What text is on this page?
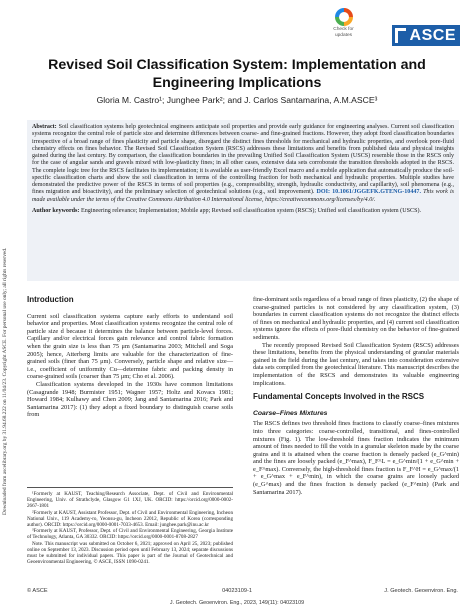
Downloaded from ascelibrary.org by 31.94.68.222 on 11/04/23. Copyright ASCE. For personal use only; all rights reserved.
Check for
updates	ASCE
Revised Soil Classification System: Implementation and Engineering Implications

Gloria M. Castro¹; Junghee Park²; and J. Carlos Santamarina, A.M.ASCE³

Abstract: Soil classification systems help geotechnical engineers anticipate soil properties and provide early guidance for engineering analyses. Current soil classification systems recognize the central role of particle size and determine differences between coarse- and fine-grained fractions. However, they adopt fixed classification boundaries irrespective of a broad range of fines plasticity and particle shape, disregard the distinct fines thresholds for mechanical and hydraulic properties, and overlook pore-fluid chemistry effects on fines behavior. The Revised Soil Classification System (RSCS) addresses these limitations and benefits from published data and physical insights gained during the last century. By comparison, the classification boundaries in the prevailing Unified Soil Classification System (USCS) resemble those in the RSCS only for the case of angular sands and gravels mixed with low-plasticity fines; in all other cases, extensive data sets corroborate the transition thresholds adopted in the RSCS. The complete logic tree for the RSCS facilitates its implementation; it is available as user-friendly Excel macro and a mobile application that automatically produce the soil-specific classification charts and show the soil classification in terms of the controlling fraction for both mechanical and hydraulic properties. Multiple studies have demonstrated the predictive power of the RSCS in terms of soil properties (e.g., compressibility, strength, hydraulic conductivity, and capillarity), soil phenomena (e.g., fines migration and bioactivity), and the preliminary selection of geotechnical solutions (e.g., soil improvement). DOI: 10.1061/JGGEFK.GTENG-10447. This work is made available under the terms of the Creative Commons Attribution 4.0 International license, https://creativecommons.org/licenses/by/4.0/.

Author keywords: Engineering relevance; Implementation; Mobile app; Revised soil classification system (RSCS); Unified soil classification system (USCS).

Introduction

Current soil classification systems capture early efforts to understand soil behavior and properties. Most classification systems recognize the central role of particle size d because it determines the balance between particle-level forces. Capillary and/or electrical forces gain relevance and control fabric formation when the grain size is less than 75 μm (Santamarina 2003; Mitchell and Soga 2005); hence, Atterberg limits are valuable for the characterization of fine-grained soils (finer than 75 μm). Conversely, particle shape and relative size—i.e., coefficient of uniformity Cu—determine fabric and packing density in coarse-grained soils (coarser than 75 μm; Cho et al. 2006).

Classification systems developed in the 1930s have common limitations (Casagrande 1948; Burmister 1951; Wagner 1957; Holtz and Kovacs 1981; Howard 1984; Kulhawy and Chen 2009; Jang and Santamarina 2016; Park and Santamarina 2017): (1) they adopt a fixed boundary to distinguish coarse soils from

¹Formerly at KAUST, Teaching/Research Associate, Dept. of Civil and Environmental Engineering, Univ. of Strathclyde, Glasgow G1 1XJ, UK. ORCID: https://orcid.org/0000-0002-2667-1801

²Formerly at KAUST, Assistant Professor, Dept. of Civil and Environmental Engineering, Incheon National Univ., 119 Academy-ro, Yeonsu-gu, Incheon 22012, Republic of Korea (corresponding author). ORCID: https://orcid.org/0000-0001-7033-4653. Email: junghee.park@inu.ac.kr

³Formerly at KAUST, Professor, Dept. of Civil and Environmental Engineering, Georgia Institute of Technology, Atlanta, GA 30332. ORCID: https://orcid.org/0000-0001-8708-2827

Note. This manuscript was submitted on October 6, 2021; approved on April 25, 2023; published online on September 13, 2023. Discussion period open until February 13, 2024; separate discussions must be submitted for individual papers. This paper is part of the Journal of Geotechnical and Geoenvironmental Engineering, © ASCE, ISSN 1090-0241.

fine-dominant soils regardless of a broad range of fines plasticity, (2) the shape of coarse-grained particles is not considered by any classification system, (3) boundaries in current classification systems do not recognize the distinct effects of fines on mechanical and hydraulic properties, and (4) current soil classification systems ignore the effects of pore-fluid chemistry on the behavior of fine-grained sediments.

The recently proposed Revised Soil Classification System (RSCS) addresses these limitations, benefits from the physical understanding of granular materials gained in the field during the last century, and takes into consideration extensive data sets compiled from the geotechnical literature. This manuscript describes the implementation of the RSCS and demonstrates its valuable engineering implications.

Fundamental Concepts Involved in the RSCS
Coarse–Fines Mixtures

The RSCS defines two threshold fines fractions to classify coarse–fines mixtures into three categories: coarse-controlled, transitional, and fines-controlled mixtures (Fig. 1). The low-threshold fines fraction indicates the minimum amount of fines needed to fill the voids in a granular skeleton made by the coarse grains and it is attained when the coarse fraction is densely packed (e_G^min) and the fines are loosely packed (e_F^max), F_F^L = e_G^min/(1 + e_G^min + e_F^max). Conversely, the high-threshold fines fraction is F_F^H = e_G^max/(1 + e_G^max + e_F^min), in which the coarse grains are loosely packed (e_G^max) and the fines fraction is densely packed (e_F^min) (Park and Santamarina 2017).

© ASCE	04023109-1	J. Geotech. Geoenviron. Eng.
J. Geotech. Geoenviron. Eng., 2023, 149(11): 04023109
